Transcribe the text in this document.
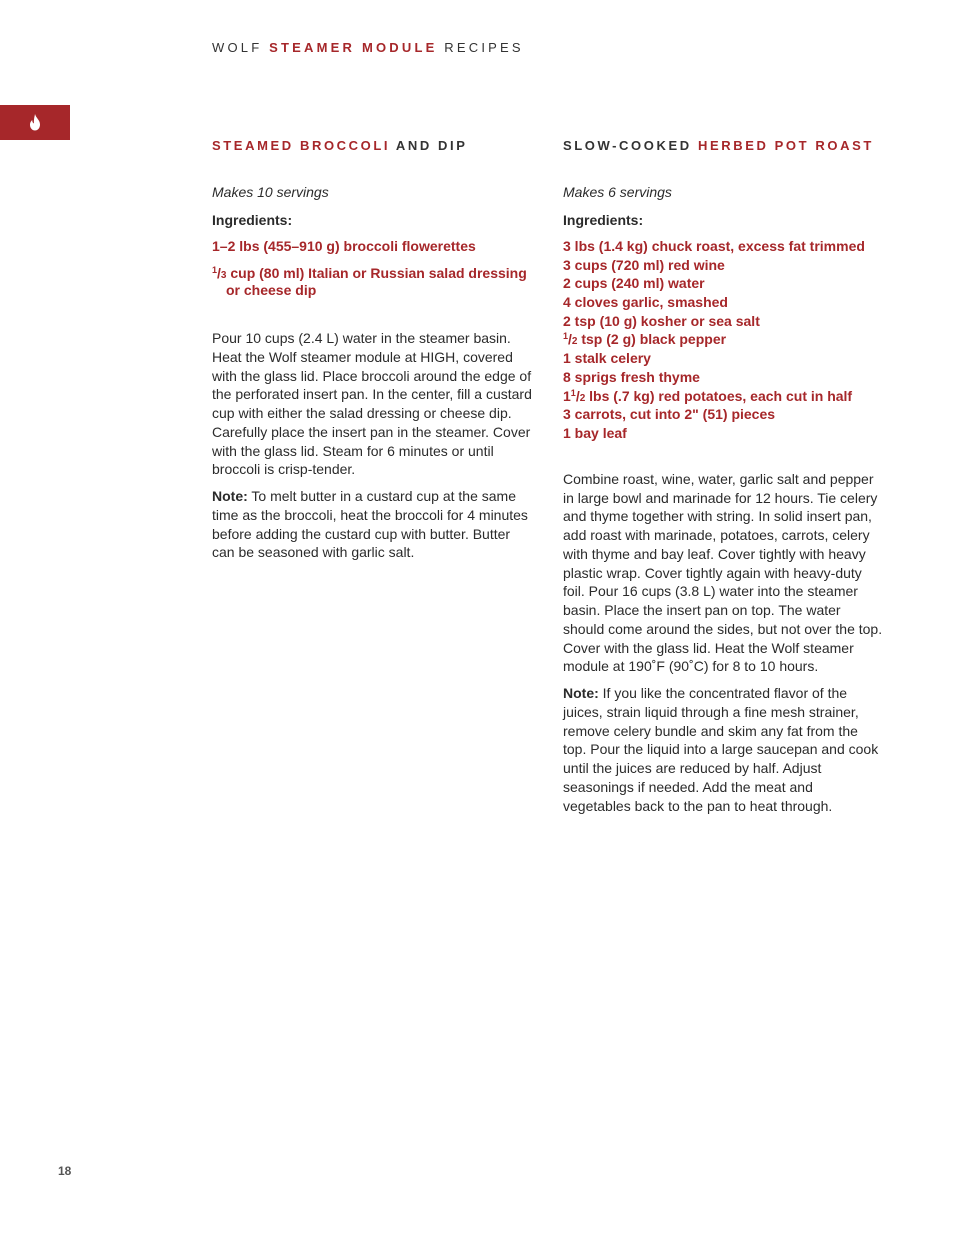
WOLF STEAMER MODULE RECIPES
STEAMED BROCCOLI AND DIP
Makes 10 servings
Ingredients:
1–2 lbs (455–910 g) broccoli flowerettes
$^1$/3 cup (80 ml) Italian or Russian salad dressing or cheese dip

Pour 10 cups (2.4 L) water in the steamer basin. Heat the Wolf steamer module at HIGH, covered with the glass lid. Place broccoli around the edge of the perforated insert pan. In the center, fill a custard cup with either the salad dressing or cheese dip. Carefully place the insert pan in the steamer. Cover with the glass lid. Steam for 6 minutes or until broccoli is crisp-tender.

Note: To melt butter in a custard cup at the same time as the broccoli, heat the broccoli for 4 minutes before adding the custard cup with butter. Butter can be seasoned with garlic salt.

SLOW-COOKED HERBED POT ROAST
Makes 6 servings
Ingredients:
3 lbs (1.4 kg) chuck roast, excess fat trimmed
3 cups (720 ml) red wine
2 cups (240 ml) water
4 cloves garlic, smashed
2 tsp (10 g) kosher or sea salt
$^1$/2 tsp (2 g) black pepper
1 stalk celery
8 sprigs fresh thyme
$1^1/2$ lbs (.7 kg) red potatoes, each cut in half
3 carrots, cut into 2" (51) pieces
1 bay leaf

Combine roast, wine, water, garlic salt and pepper in large bowl and marinade for 12 hours. Tie celery and thyme together with string. In solid insert pan, add roast with marinade, potatoes, carrots, celery with thyme and bay leaf. Cover tightly with heavy plastic wrap. Cover tightly again with heavy-duty foil. Pour 16 cups (3.8 L) water into the steamer basin. Place the insert pan on top. The water should come around the sides, but not over the top. Cover with the glass lid. Heat the Wolf steamer module at 190˚F (90˚C) for 8 to 10 hours.

Note: If you like the concentrated flavor of the juices, strain liquid through a fine mesh strainer, remove celery bundle and skim any fat from the top. Pour the liquid into a large saucepan and cook until the juices are reduced by half. Adjust seasonings if needed. Add the meat and vegetables back to the pan to heat through.

18
